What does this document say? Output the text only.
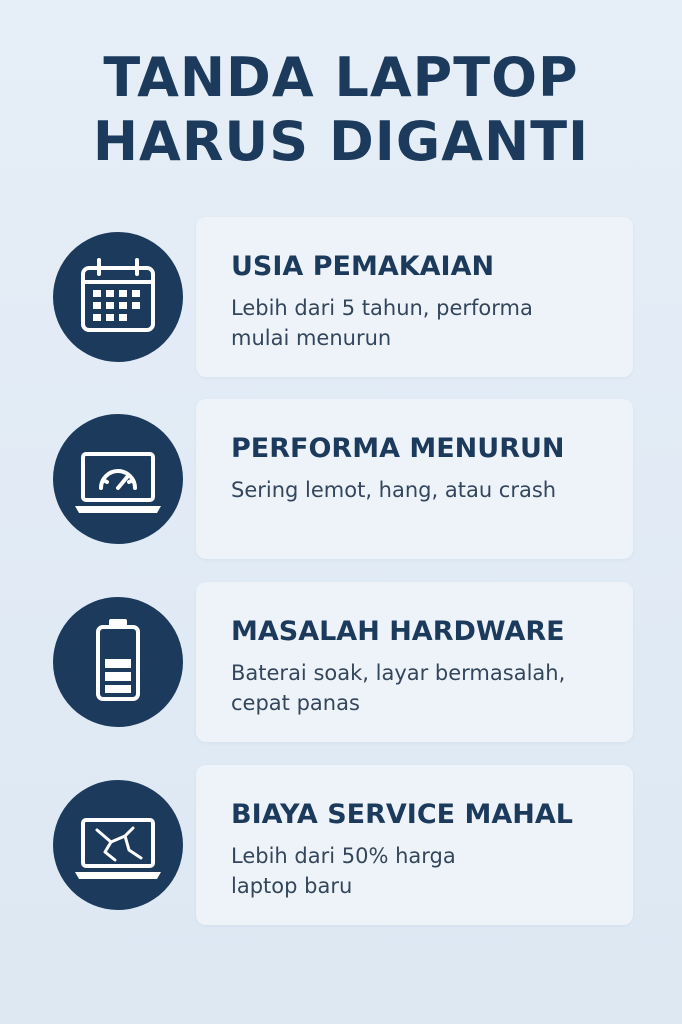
TANDA LAPTOP
HARUS DIGANTI
USIA PEMAKAIAN
Lebih dari 5 tahun, performa
mulai menurun
PERFORMA MENURUN
Sering lemot, hang, atau crash
MASALAH HARDWARE
Baterai soak, layar bermasalah,
cepat panas
BIAYA SERVICE MAHAL
Lebih dari 50% harga
laptop baru
